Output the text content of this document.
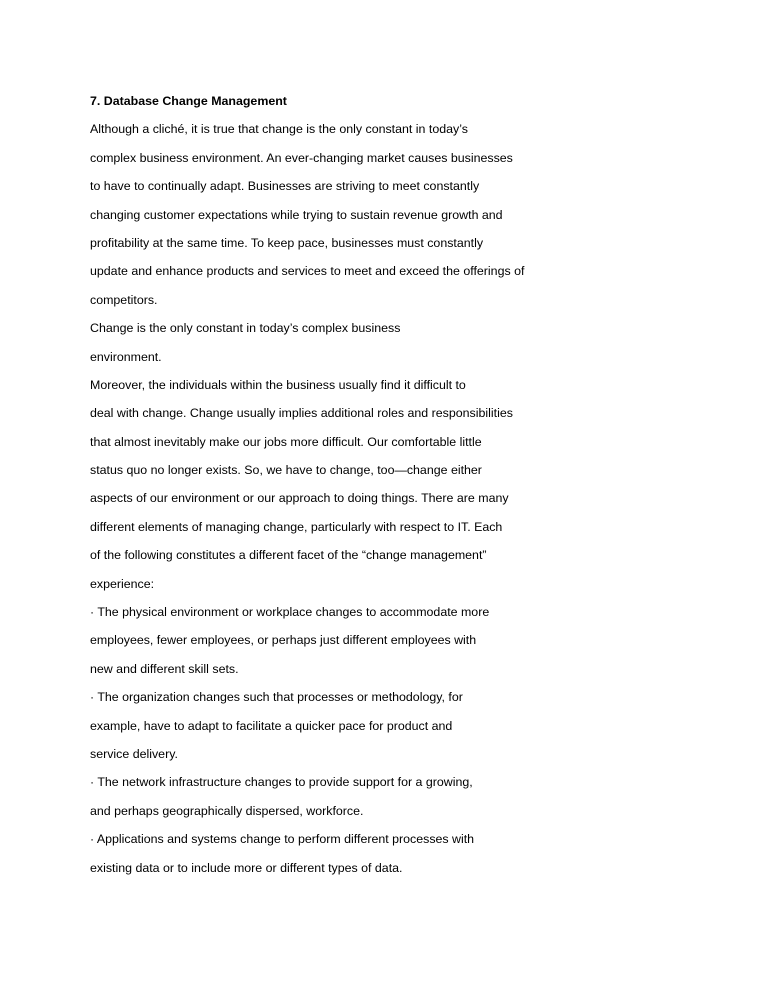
7. Database Change Management
Although a cliché, it is true that change is the only constant in today’s
complex business environment. An ever-changing market causes businesses
to have to continually adapt. Businesses are striving to meet constantly
changing customer expectations while trying to sustain revenue growth and
profitability at the same time. To keep pace, businesses must constantly
update and enhance products and services to meet and exceed the offerings of
competitors.
Change is the only constant in today’s complex business
environment.
Moreover, the individuals within the business usually find it difficult to
deal with change. Change usually implies additional roles and responsibilities
that almost inevitably make our jobs more difficult. Our comfortable little
status quo no longer exists. So, we have to change, too—change either
aspects of our environment or our approach to doing things. There are many
different elements of managing change, particularly with respect to IT. Each
of the following constitutes a different facet of the “change management”
experience:
· The physical environment or workplace changes to accommodate more
employees, fewer employees, or perhaps just different employees with
new and different skill sets.
· The organization changes such that processes or methodology, for
example, have to adapt to facilitate a quicker pace for product and
service delivery.
· The network infrastructure changes to provide support for a growing,
and perhaps geographically dispersed, workforce.
· Applications and systems change to perform different processes with
existing data or to include more or different types of data.
